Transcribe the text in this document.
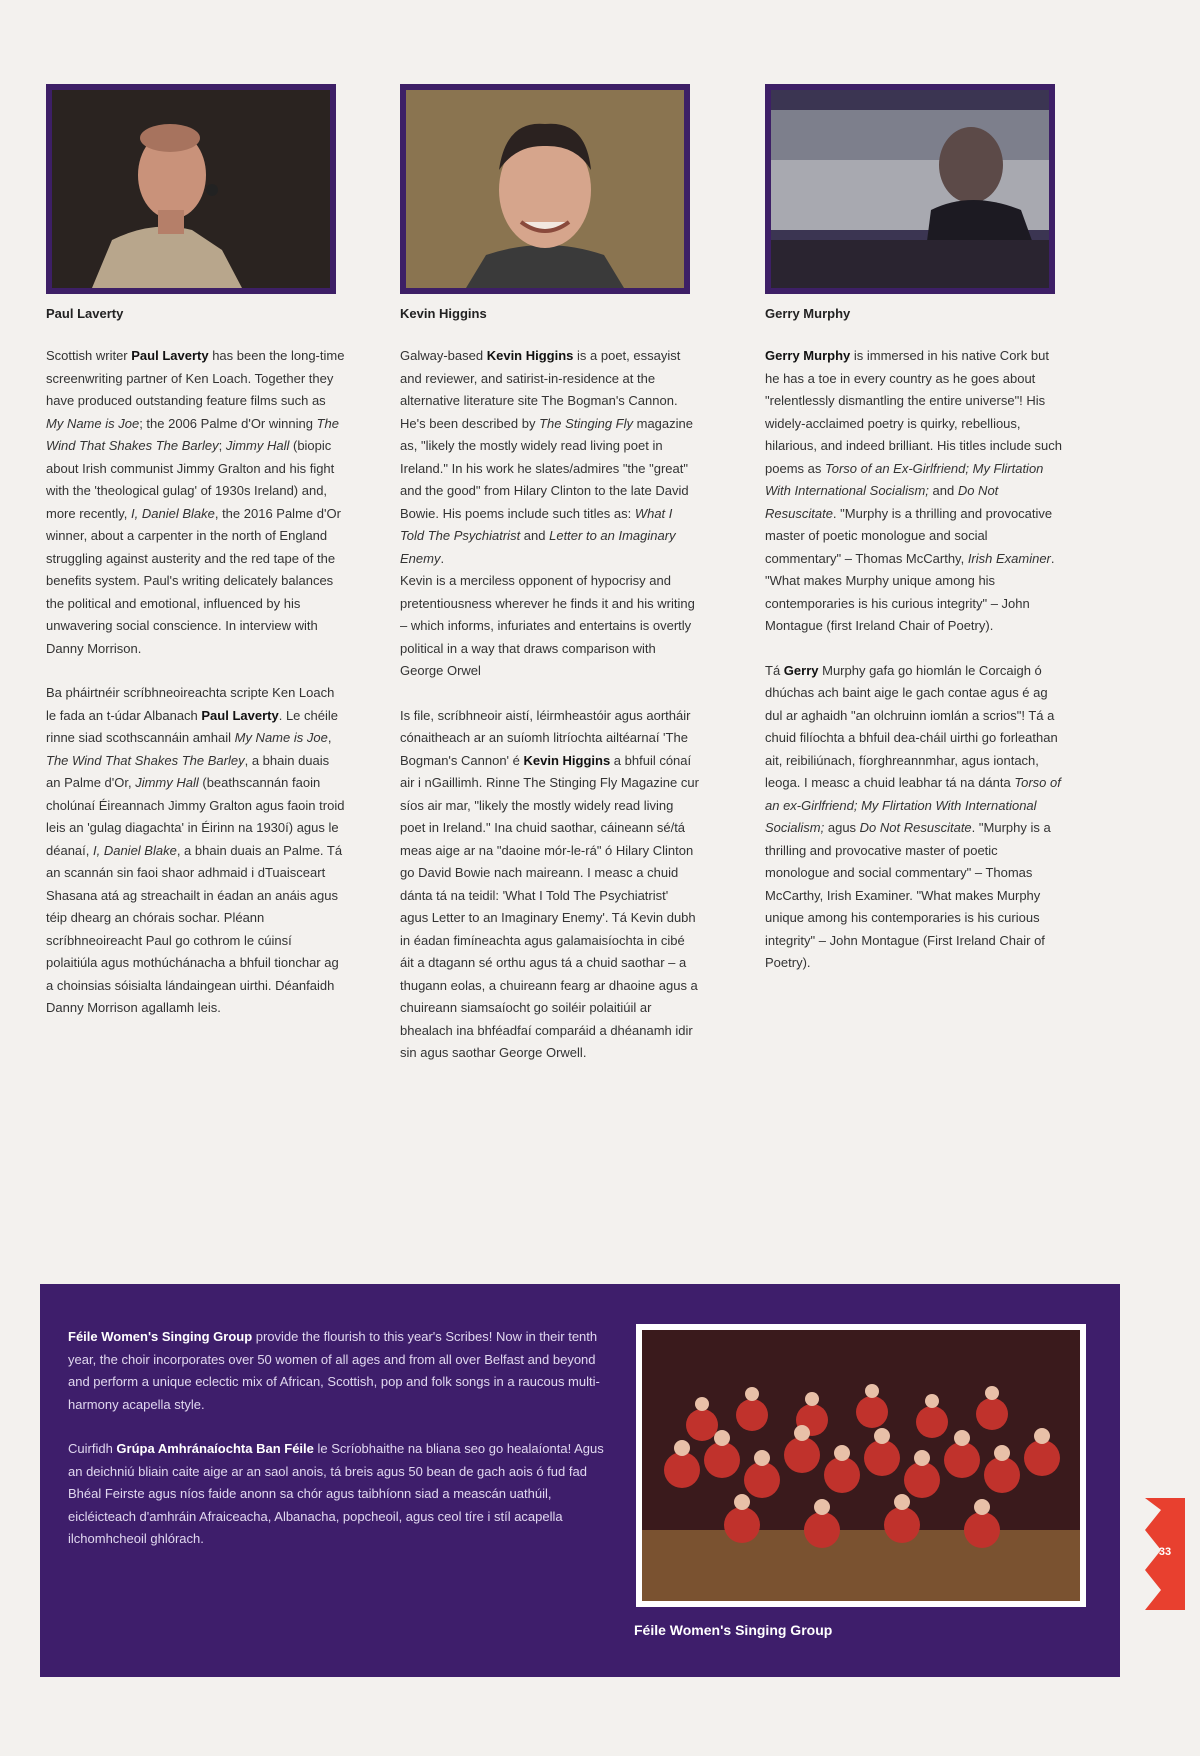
Paul Laverty

Scottish writer Paul Laverty has been the long-time screenwriting partner of Ken Loach. Together they have produced outstanding feature films such as My Name is Joe; the 2006 Palme d'Or winning The Wind That Shakes The Barley; Jimmy Hall (biopic about Irish communist Jimmy Gralton and his fight with the 'theological gulag' of 1930s Ireland) and, more recently, I, Daniel Blake, the 2016 Palme d'Or winner, about a carpenter in the north of England struggling against austerity and the red tape of the benefits system. Paul's writing delicately balances the political and emotional, influenced by his unwavering social conscience. In interview with Danny Morrison.

Ba pháirtnéir scríbhneoireachta scripte Ken Loach le fada an t-údar Albanach Paul Laverty. Le chéile rinne siad scothscannáin amhail My Name is Joe, The Wind That Shakes The Barley, a bhain duais an Palme d'Or, Jimmy Hall (beathscannán faoin cholúnaí Éireannach Jimmy Gralton agus faoin troid leis an 'gulag diagachta' in Éirinn na 1930í) agus le déanaí, I, Daniel Blake, a bhain duais an Palme. Tá an scannán sin faoi shaor adhmaid i dTuaisceart Shasana atá ag streachailt in éadan an anáis agus téip dhearg an chórais sochar. Pléann scríbhneoireacht Paul go cothrom le cúinsí polaitiúla agus mothúchánacha a bhfuil tionchar ag a choinsias sóisialta lándaingean uirthi. Déanfaidh Danny Morrison agallamh leis.

Kevin Higgins

Galway-based Kevin Higgins is a poet, essayist and reviewer, and satirist-in-residence at the alternative literature site The Bogman's Cannon. He's been described by The Stinging Fly magazine as, "likely the mostly widely read living poet in Ireland." In his work he slates/admires "the "great" and the good" from Hilary Clinton to the late David Bowie. His poems include such titles as: What I Told The Psychiatrist and Letter to an Imaginary Enemy.
Kevin is a merciless opponent of hypocrisy and pretentiousness wherever he finds it and his writing – which informs, infuriates and entertains is overtly political in a way that draws comparison with George Orwel

Is file, scríbhneoir aistí, léirmheastóir agus aortháir cónaitheach ar an suíomh litríochta ailtéarnaí 'The Bogman's Cannon' é Kevin Higgins a bhfuil cónaí air i nGaillimh. Rinne The Stinging Fly Magazine cur síos air mar, "likely the mostly widely read living poet in Ireland." Ina chuid saothar, cáineann sé/tá meas aige ar na "daoine mór-le-rá" ó Hilary Clinton go David Bowie nach maireann. I measc a chuid dánta tá na teidil: 'What I Told The Psychiatrist' agus Letter to an Imaginary Enemy'. Tá Kevin dubh in éadan fimíneachta agus galamaisíochta in cibé áit a dtagann sé orthu agus tá a chuid saothar – a thugann eolas, a chuireann fearg ar dhaoine agus a chuireann siamsaíocht go soiléir polaitiúil ar bhealach ina bhféadfaí comparáid a dhéanamh idir sin agus saothar George Orwell.

Gerry Murphy

Gerry Murphy is immersed in his native Cork but he has a toe in every country as he goes about "relentlessly dismantling the entire universe"! His widely-acclaimed poetry is quirky, rebellious, hilarious, and indeed brilliant. His titles include such poems as Torso of an Ex-Girlfriend; My Flirtation With International Socialism; and Do Not Resuscitate. "Murphy is a thrilling and provocative master of poetic monologue and social commentary" – Thomas McCarthy, Irish Examiner. "What makes Murphy unique among his contemporaries is his curious integrity" – John Montague (first Ireland Chair of Poetry).

Tá Gerry Murphy gafa go hiomlán le Corcaigh ó dhúchas ach baint aige le gach contae agus é ag dul ar aghaidh "an olchruinn iomlán a scrios"! Tá a chuid filíochta a bhfuil dea-cháil uirthi go forleathan ait, reibiliúnach, fíorghreannmhar, agus iontach, leoga. I measc a chuid leabhar tá na dánta Torso of an ex-Girlfriend; My Flirtation With International Socialism; agus Do Not Resuscitate. "Murphy is a thrilling and provocative master of poetic monologue and social commentary" – Thomas McCarthy, Irish Examiner. "What makes Murphy unique among his contemporaries is his curious integrity" – John Montague (First Ireland Chair of Poetry).

Féile Women's Singing Group provide the flourish to this year's Scribes! Now in their tenth year, the choir incorporates over 50 women of all ages and from all over Belfast and beyond and perform a unique eclectic mix of African, Scottish, pop and folk songs in a raucous multi-harmony acapella style.

Cuirfidh Grúpa Amhránaíochta Ban Féile le Scríobhaithe na bliana seo go healaíonta! Agus an deichniú bliain caite aige ar an saol anois, tá breis agus 50 bean de gach aois ó fud fad Bhéal Feirste agus níos faide anonn sa chór agus taibhíonn siad a meascán uathúil, eicléicteach d'amhráin Afraiceacha, Albanacha, popcheoil, agus ceol tíre i stíl acapella ilchomhcheoil ghlórach.

Féile Women's Singing Group
33
